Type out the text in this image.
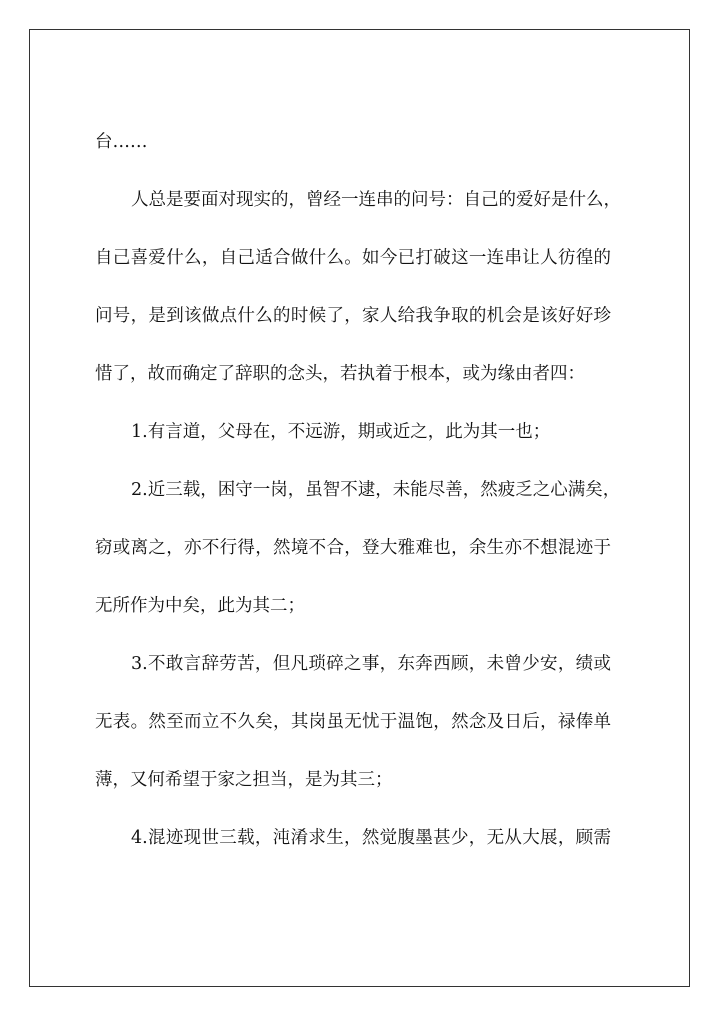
台……
人总是要面对现实的，曾经一连串的问号：自己的爱好是什么，
自己喜爱什么，自己适合做什么。如今已打破这一连串让人彷徨的
问号，是到该做点什么的时候了，家人给我争取的机会是该好好珍
惜了，故而确定了辞职的念头，若执着于根本，或为缘由者四：
1.有言道，父母在，不远游，期或近之，此为其一也；
2.近三载，困守一岗，虽智不逮，未能尽善，然疲乏之心满矣，
窃或离之，亦不行得，然境不合，登大雅难也，余生亦不想混迹于
无所作为中矣，此为其二；
3.不敢言辞劳苦，但凡琐碎之事，东奔西顾，未曾少安，绩或
无表。然至而立不久矣，其岗虽无忧于温饱，然念及日后，禄俸单
薄，又何希望于家之担当，是为其三；
4.混迹现世三载，沌淆求生，然觉腹墨甚少，无从大展，顾需
